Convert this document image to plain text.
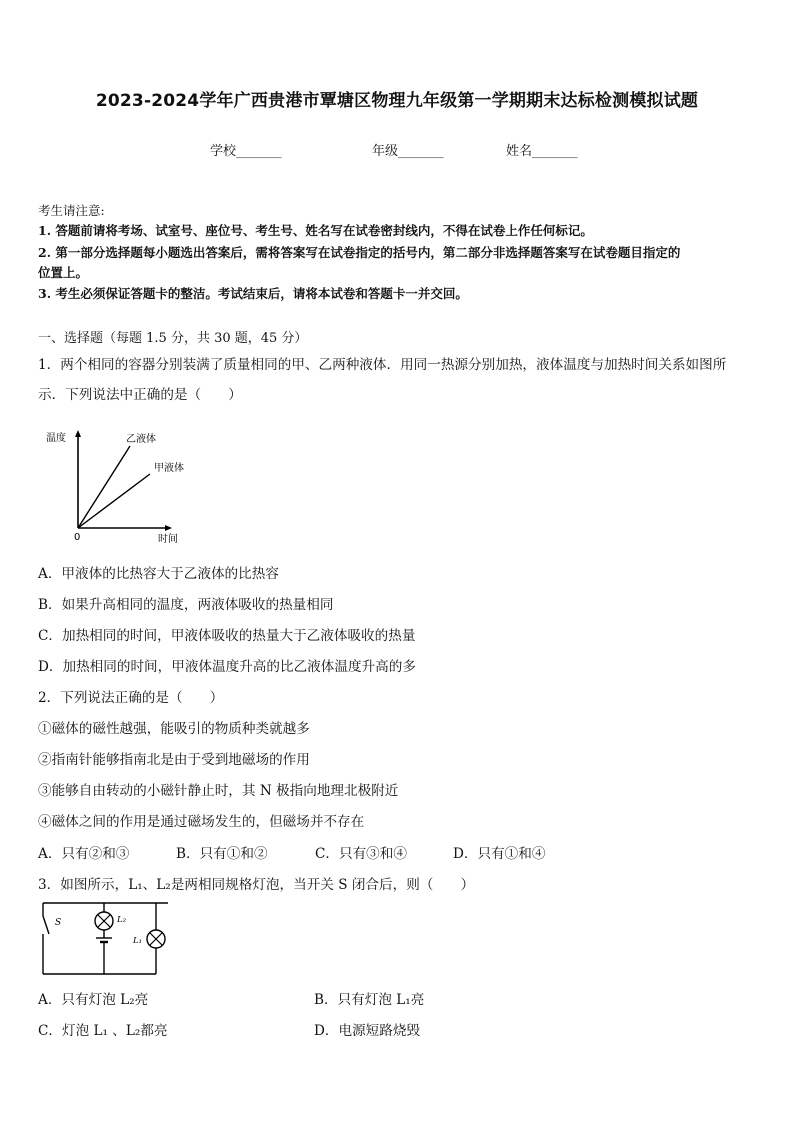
2023-2024学年广西贵港市覃塘区物理九年级第一学期期末达标检测模拟试题
学校_______	年级_______	姓名_______
考生请注意:
1. 答题前请将考场、试室号、座位号、考生号、姓名写在试卷密封线内，不得在试卷上作任何标记。
2. 第一部分选择题每小题选出答案后，需将答案写在试卷指定的括号内，第二部分非选择题答案写在试卷题目指定的
位置上。
3. 考生必须保证答题卡的整洁。考试结束后，请将本试卷和答题卡一并交回。
一、选择题（每题 1.5 分，共 30 题，45 分）
1．两个相同的容器分别装满了质量相同的甲、乙两种液体．用同一热源分别加热，液体温度与加热时间关系如图所
示．下列说法中正确的是（　　）
温度
时间
0
乙液体
甲液体
A．甲液体的比热容大于乙液体的比热容
B．如果升高相同的温度，两液体吸收的热量相同
C．加热相同的时间，甲液体吸收的热量大于乙液体吸收的热量
D．加热相同的时间，甲液体温度升高的比乙液体温度升高的多
2．下列说法正确的是（　　）
①磁体的磁性越强，能吸引的物质种类就越多
②指南针能够指南北是由于受到地磁场的作用
③能够自由转动的小磁针静止时，其 N 极指向地理北极附近
④磁体之间的作用是通过磁场发生的，但磁场并不存在
A．只有②和③	B．只有①和②	C．只有③和④	D．只有①和④
3．如图所示，L₁、L₂是两相同规格灯泡，当开关 S 闭合后，则（　　）
S	L₂
L₁
A．只有灯泡 L₂亮	B．只有灯泡 L₁亮
C．灯泡 L₁ 、L₂都亮	D．电源短路烧毁
